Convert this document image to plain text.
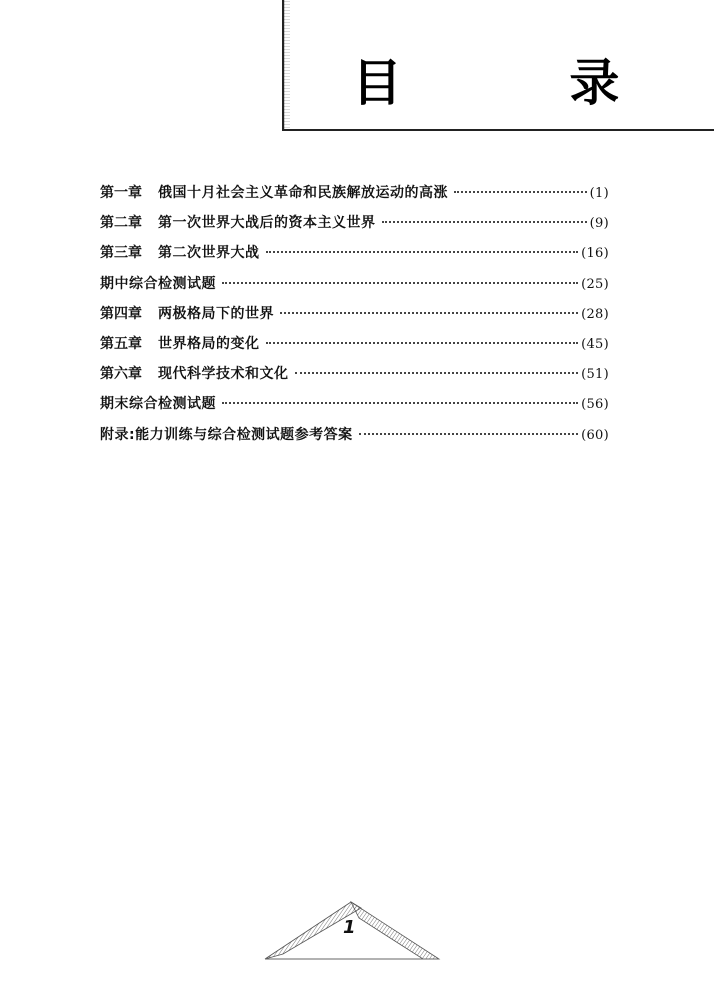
目 录
第一章 俄国十月社会主义革命和民族解放运动的高涨	(1)
第二章 第一次世界大战后的资本主义世界	(9)
第三章 第二次世界大战	(16)
期中综合检测试题	(25)
第四章 两极格局下的世界	(28)
第五章 世界格局的变化	(45)
第六章 现代科学技术和文化	(51)
期末综合检测试题	(56)
附录:能力训练与综合检测试题参考答案	(60)
1
